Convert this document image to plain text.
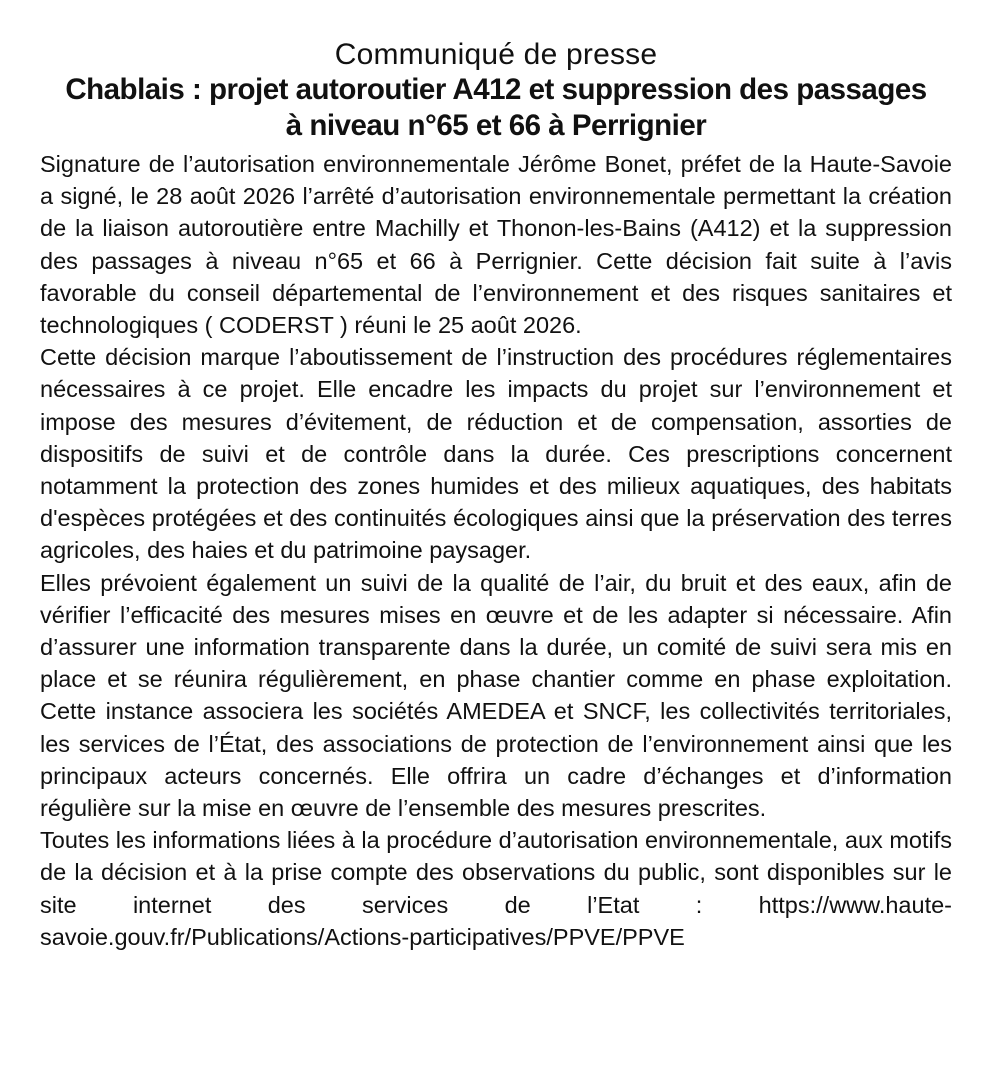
Communiqué de presse
Chablais : projet autoroutier A412 et suppression des passages
à niveau n°65 et 66 à Perrignier

Signature de l’autorisation environnementale Jérôme Bonet, préfet de la Haute-Savoie a signé, le 28 août 2026 l’arrêté d’autorisation environnementale permettant la création de la liaison autoroutière entre Machilly et Thonon-les-Bains (A412) et la suppression des passages à niveau n°65 et 66 à Perrignier. Cette décision fait suite à l’avis favorable du conseil départemental de l’environnement et des risques sanitaires et technologiques ( CODERST ) réuni le 25 août 2026.

Cette décision marque l’aboutissement de l’instruction des procédures réglementaires nécessaires à ce projet. Elle encadre les impacts du projet sur l’environnement et impose des mesures d’évitement, de réduction et de compensation, assorties de dispositifs de suivi et de contrôle dans la durée. Ces prescriptions concernent notamment la protection des zones humides et des milieux aquatiques, des habitats d'espèces protégées et des continuités écologiques ainsi que la préservation des terres agricoles, des haies et du patrimoine paysager.

Elles prévoient également un suivi de la qualité de l’air, du bruit et des eaux, afin de vérifier l’efficacité des mesures mises en œuvre et de les adapter si nécessaire. Afin d’assurer une information transparente dans la durée, un comité de suivi sera mis en place et se réunira régulièrement, en phase chantier comme en phase exploitation. Cette instance associera les sociétés AMEDEA et SNCF, les collectivités territoriales, les services de l’État, des associations de protection de l’environnement ainsi que les principaux acteurs concernés. Elle offrira un cadre d’échanges et d’information régulière sur la mise en œuvre de l’ensemble des mesures prescrites.

Toutes les informations liées à la procédure d’autorisation environnementale, aux motifs de la décision et à la prise compte des observations du public, sont disponibles sur le site internet des services de l’Etat : https://www.haute-savoie.gouv.fr/Publications/Actions-participatives/PPVE/PPVE
